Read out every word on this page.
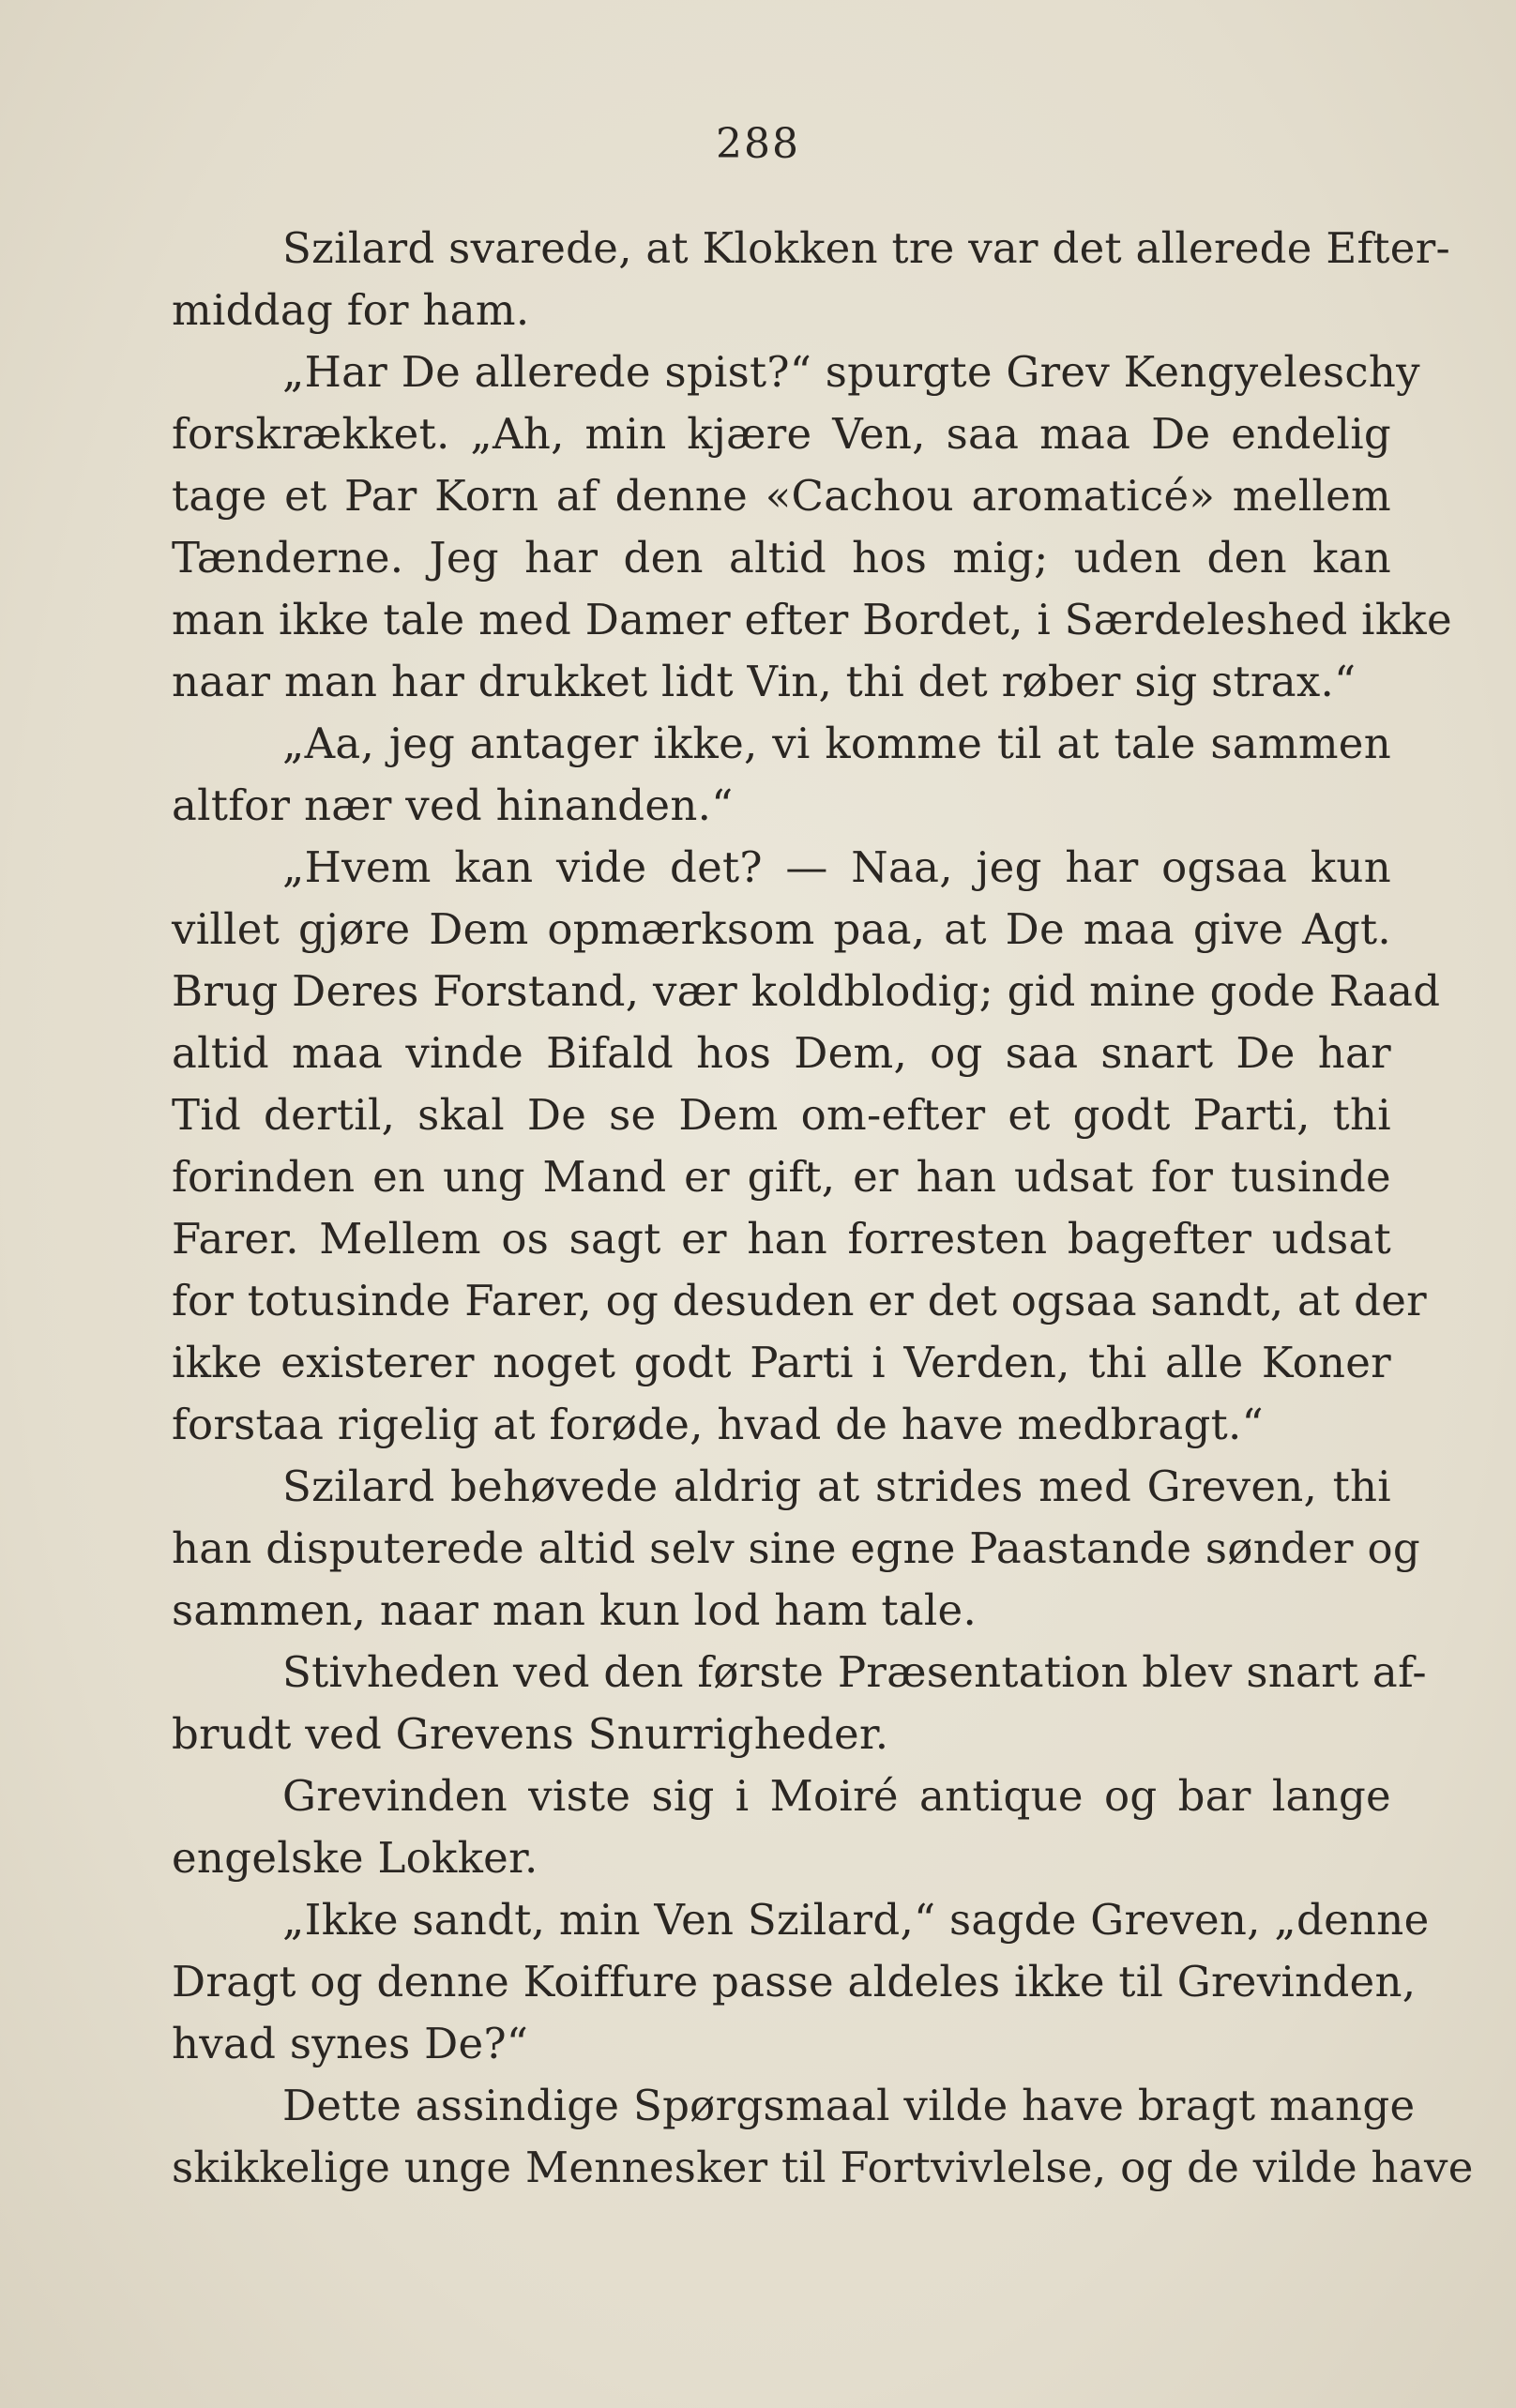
288
Szilard svarede, at Klokken tre var det allerede Efter-
middag for ham.
„Har De allerede spist?“ spurgte Grev Kengyeleschy
forskrækket. „Ah, min kjære Ven, saa maa De endelig
tage et Par Korn af denne «Cachou aromaticé» mellem
Tænderne. Jeg har den altid hos mig; uden den kan
man ikke tale med Damer efter Bordet, i Særdeleshed ikke
naar man har drukket lidt Vin, thi det røber sig strax.“
„Aa, jeg antager ikke, vi komme til at tale sammen
altfor nær ved hinanden.“
„Hvem kan vide det? — Naa, jeg har ogsaa kun
villet gjøre Dem opmærksom paa, at De maa give Agt.
Brug Deres Forstand, vær koldblodig; gid mine gode Raad
altid maa vinde Bifald hos Dem, og saa snart De har
Tid dertil, skal De se Dem om-efter et godt Parti, thi
forinden en ung Mand er gift, er han udsat for tusinde
Farer. Mellem os sagt er han forresten bagefter udsat
for totusinde Farer, og desuden er det ogsaa sandt, at der
ikke existerer noget godt Parti i Verden, thi alle Koner
forstaa rigelig at forøde, hvad de have medbragt.“
Szilard behøvede aldrig at strides med Greven, thi
han disputerede altid selv sine egne Paastande sønder og
sammen, naar man kun lod ham tale.
Stivheden ved den første Præsentation blev snart af-
brudt ved Grevens Snurrigheder.
Grevinden viste sig i Moiré antique og bar lange
engelske Lokker.
„Ikke sandt, min Ven Szilard,“ sagde Greven, „denne
Dragt og denne Koiffure passe aldeles ikke til Grevinden,
hvad synes De?“
Dette assindige Spørgsmaal vilde have bragt mange
skikkelige unge Mennesker til Fortvivlelse, og de vilde have
